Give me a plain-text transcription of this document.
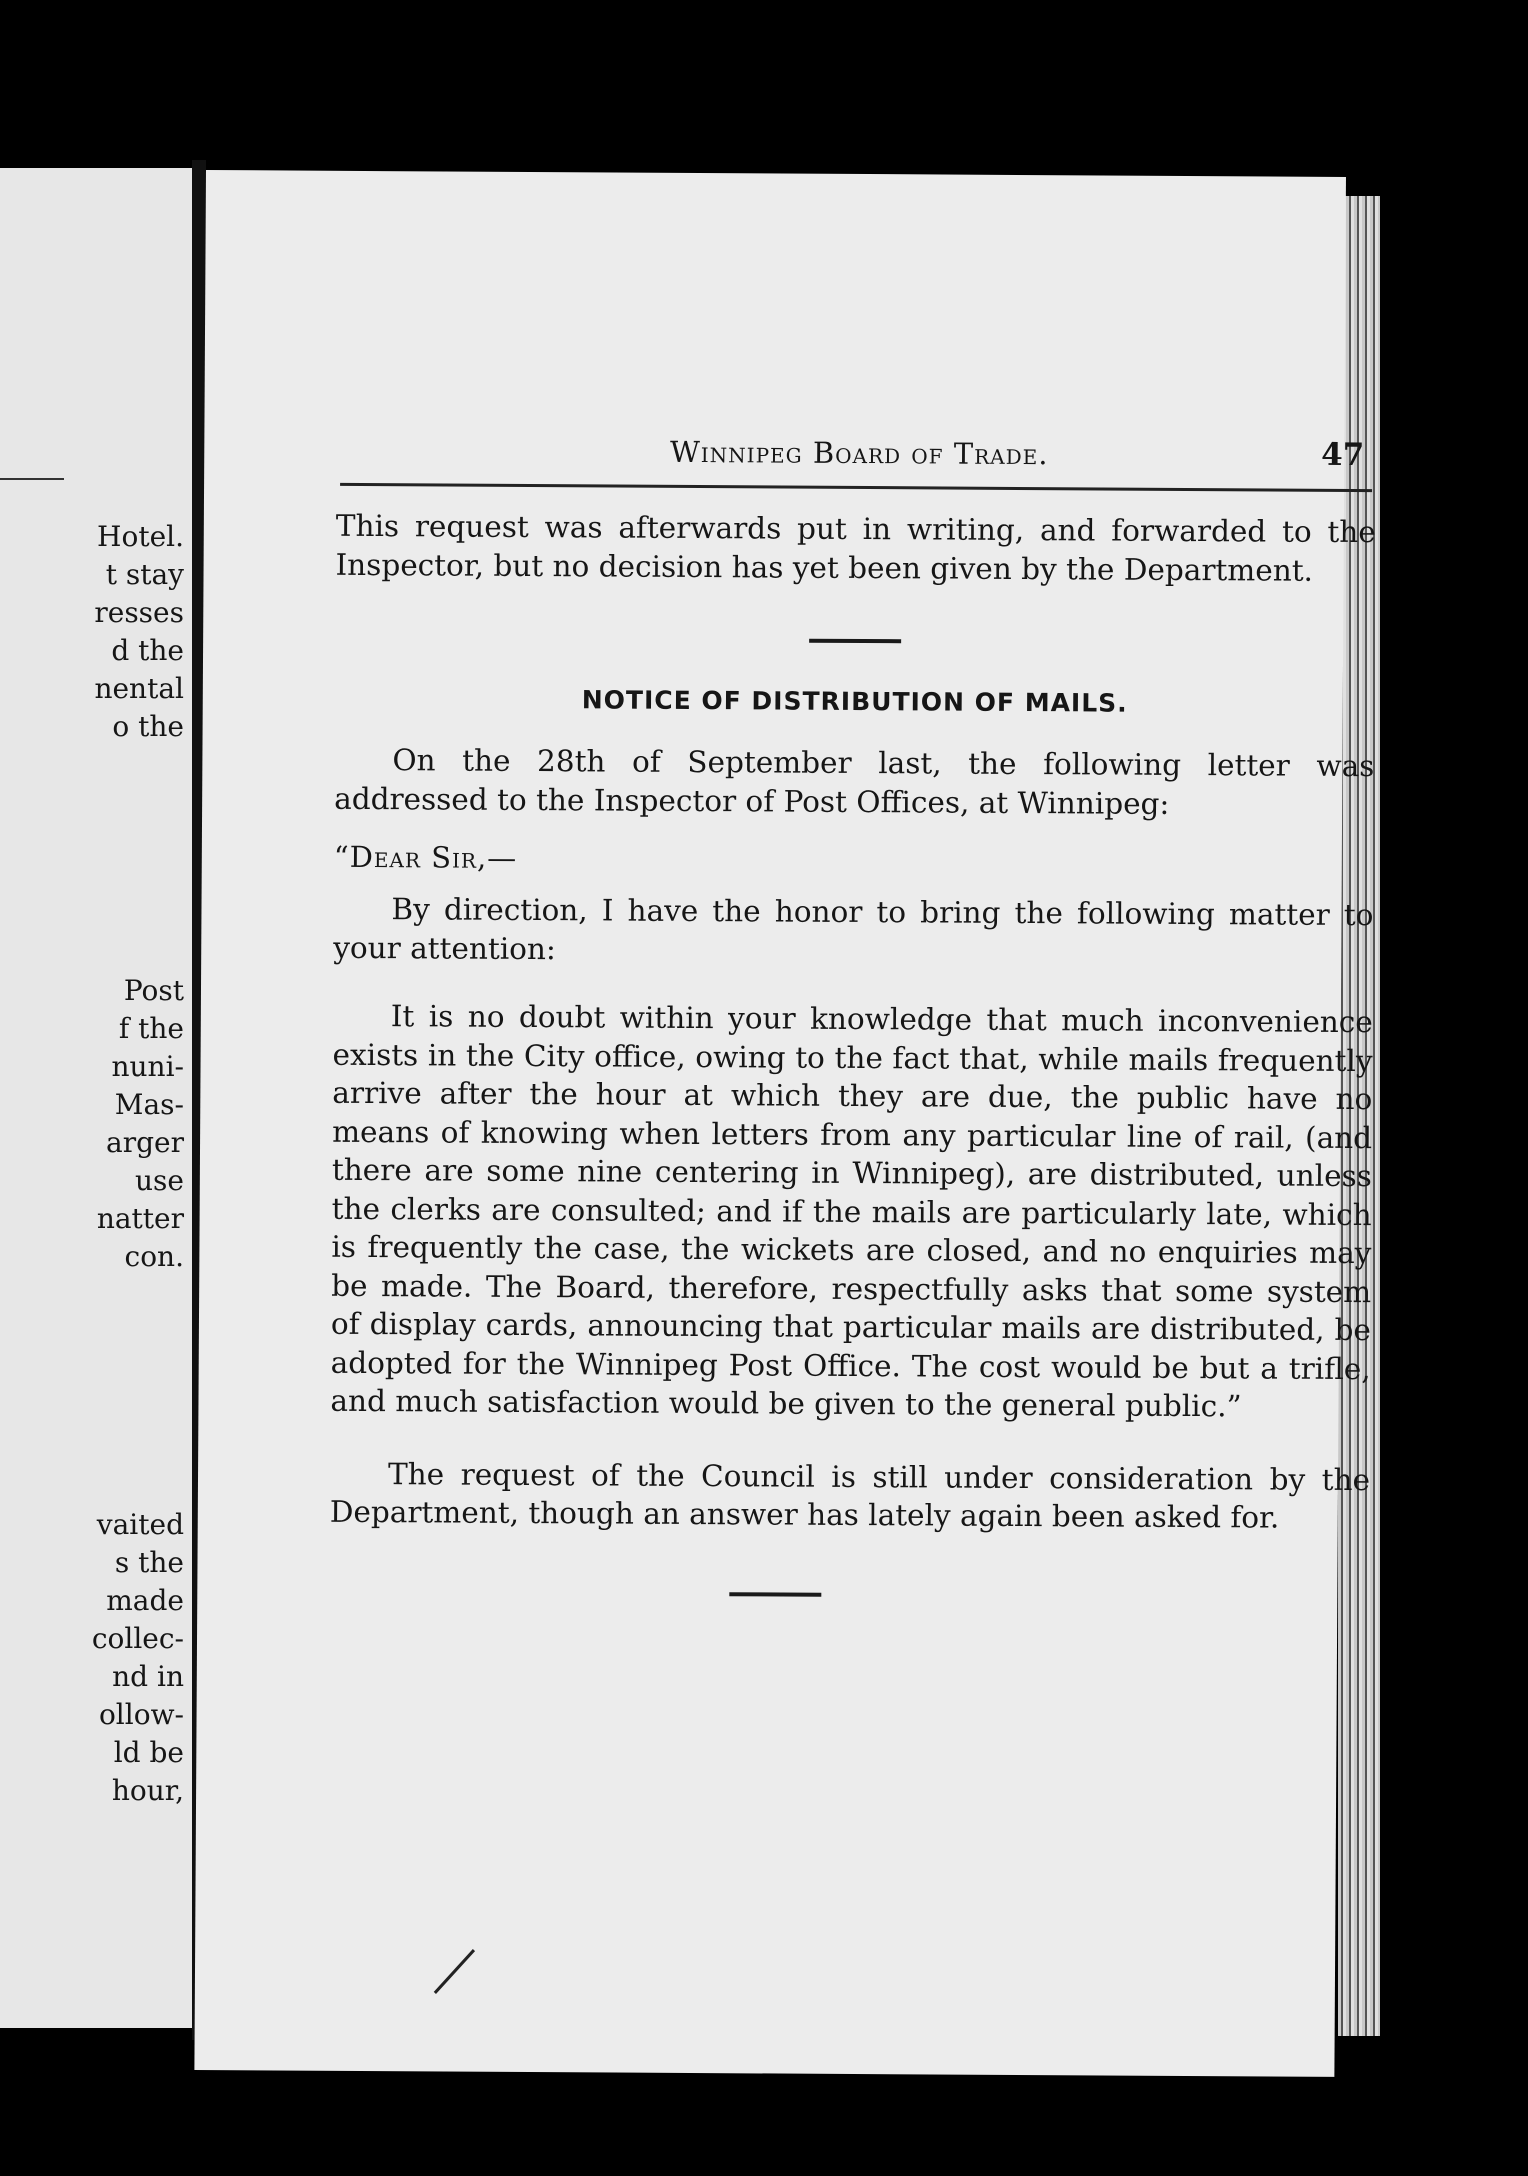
Hotel.
t stay
resses
d the
nental
o the
Post
f the
nuni-
Mas-
arger
use
natter
con.
vaited
s the
made
collec-
nd in
ollow-
ld be
hour,
Winnipeg Board of Trade.	47

This request was afterwards put in writing, and forwarded to the Inspector, but no decision has yet been given by the Department.

NOTICE OF DISTRIBUTION OF MAILS.

On the 28th of September last, the following letter was addressed to the Inspector of Post Offices, at Winnipeg:

“Dear Sir,—

By direction, I have the honor to bring the following matter to your attention:

It is no doubt within your knowledge that much inconvenience exists in the City office, owing to the fact that, while mails frequently arrive after the hour at which they are due, the public have no means of knowing when letters from any particular line of rail, (and there are some nine centering in Winnipeg), are distributed, unless the clerks are consulted; and if the mails are particularly late, which is frequently the case, the wickets are closed, and no enquiries may be made. The Board, therefore, respectfully asks that some system of display cards, announcing that particular mails are distributed, be adopted for the Winnipeg Post Office. The cost would be but a trifle, and much satisfaction would be given to the general public.”

The request of the Council is still under consideration by the Department, though an answer has lately again been asked for.
